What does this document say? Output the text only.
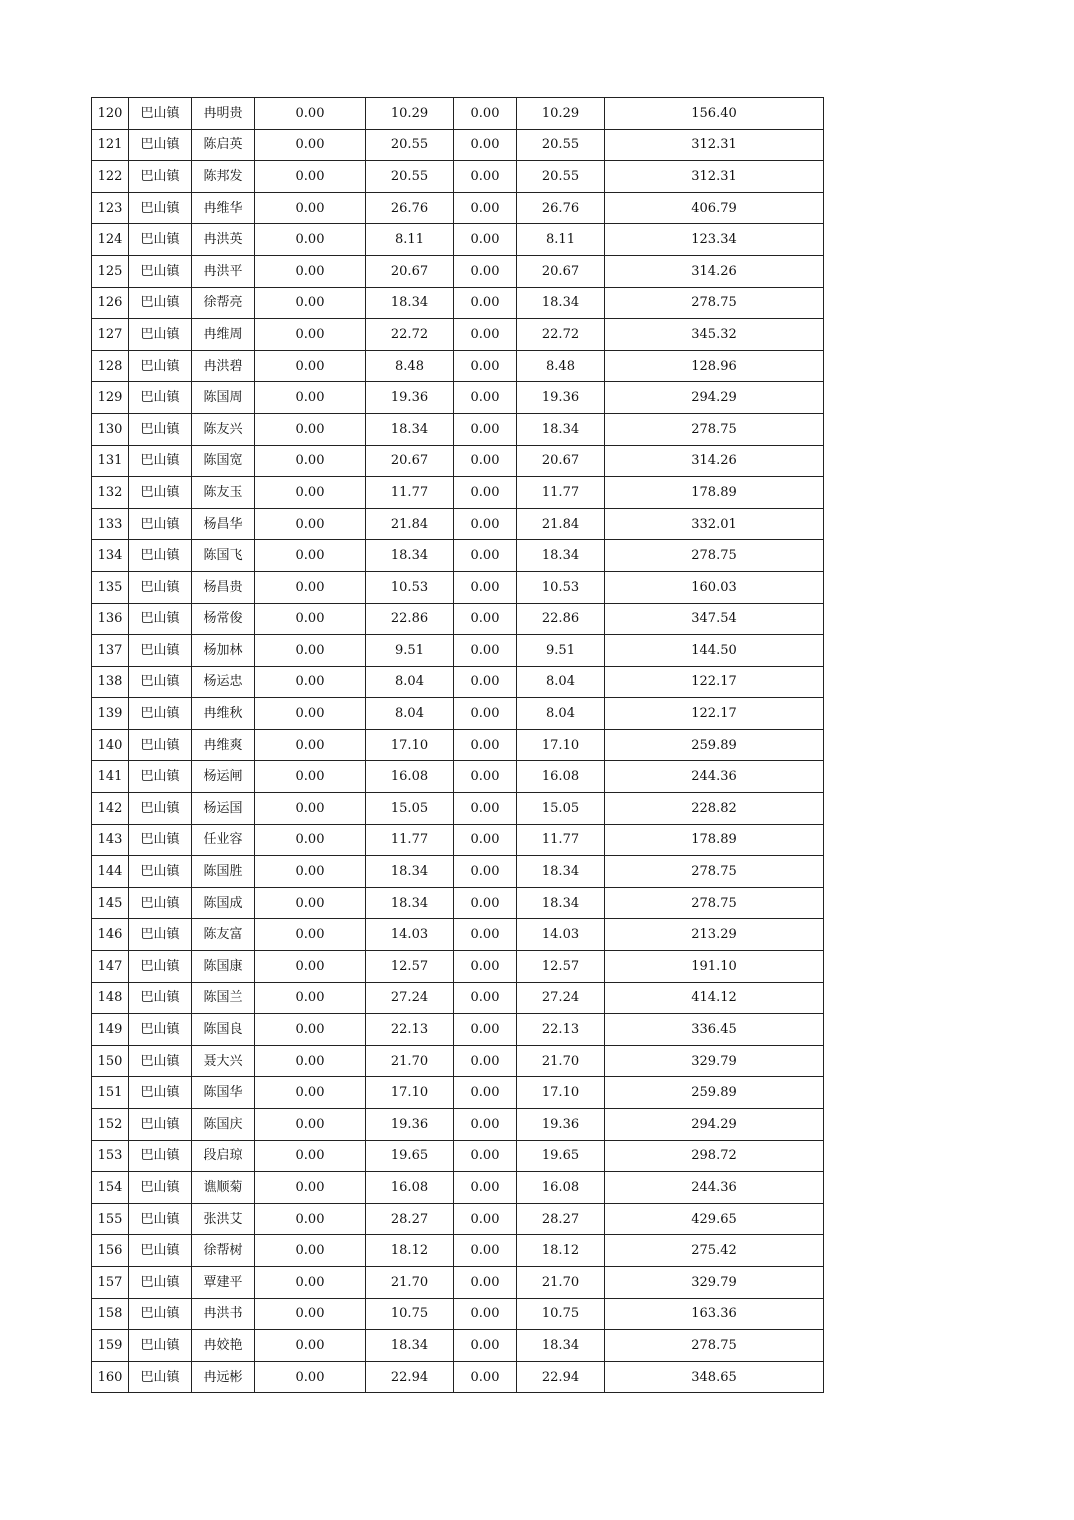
120	巴山镇	冉明贵	0.00	10.29	0.00	10.29	156.40
121	巴山镇	陈启英	0.00	20.55	0.00	20.55	312.31
122	巴山镇	陈邦发	0.00	20.55	0.00	20.55	312.31
123	巴山镇	冉维华	0.00	26.76	0.00	26.76	406.79
124	巴山镇	冉洪英	0.00	8.11	0.00	8.11	123.34
125	巴山镇	冉洪平	0.00	20.67	0.00	20.67	314.26
126	巴山镇	徐帮亮	0.00	18.34	0.00	18.34	278.75
127	巴山镇	冉维周	0.00	22.72	0.00	22.72	345.32
128	巴山镇	冉洪碧	0.00	8.48	0.00	8.48	128.96
129	巴山镇	陈国周	0.00	19.36	0.00	19.36	294.29
130	巴山镇	陈友兴	0.00	18.34	0.00	18.34	278.75
131	巴山镇	陈国宽	0.00	20.67	0.00	20.67	314.26
132	巴山镇	陈友玉	0.00	11.77	0.00	11.77	178.89
133	巴山镇	杨昌华	0.00	21.84	0.00	21.84	332.01
134	巴山镇	陈国飞	0.00	18.34	0.00	18.34	278.75
135	巴山镇	杨昌贵	0.00	10.53	0.00	10.53	160.03
136	巴山镇	杨常俊	0.00	22.86	0.00	22.86	347.54
137	巴山镇	杨加林	0.00	9.51	0.00	9.51	144.50
138	巴山镇	杨运忠	0.00	8.04	0.00	8.04	122.17
139	巴山镇	冉维秋	0.00	8.04	0.00	8.04	122.17
140	巴山镇	冉维爽	0.00	17.10	0.00	17.10	259.89
141	巴山镇	杨运闸	0.00	16.08	0.00	16.08	244.36
142	巴山镇	杨运国	0.00	15.05	0.00	15.05	228.82
143	巴山镇	任业容	0.00	11.77	0.00	11.77	178.89
144	巴山镇	陈国胜	0.00	18.34	0.00	18.34	278.75
145	巴山镇	陈国成	0.00	18.34	0.00	18.34	278.75
146	巴山镇	陈友富	0.00	14.03	0.00	14.03	213.29
147	巴山镇	陈国康	0.00	12.57	0.00	12.57	191.10
148	巴山镇	陈国兰	0.00	27.24	0.00	27.24	414.12
149	巴山镇	陈国良	0.00	22.13	0.00	22.13	336.45
150	巴山镇	聂大兴	0.00	21.70	0.00	21.70	329.79
151	巴山镇	陈国华	0.00	17.10	0.00	17.10	259.89
152	巴山镇	陈国庆	0.00	19.36	0.00	19.36	294.29
153	巴山镇	段启琼	0.00	19.65	0.00	19.65	298.72
154	巴山镇	谯顺菊	0.00	16.08	0.00	16.08	244.36
155	巴山镇	张洪艾	0.00	28.27	0.00	28.27	429.65
156	巴山镇	徐帮树	0.00	18.12	0.00	18.12	275.42
157	巴山镇	覃建平	0.00	21.70	0.00	21.70	329.79
158	巴山镇	冉洪书	0.00	10.75	0.00	10.75	163.36
159	巴山镇	冉姣艳	0.00	18.34	0.00	18.34	278.75
160	巴山镇	冉远彬	0.00	22.94	0.00	22.94	348.65
